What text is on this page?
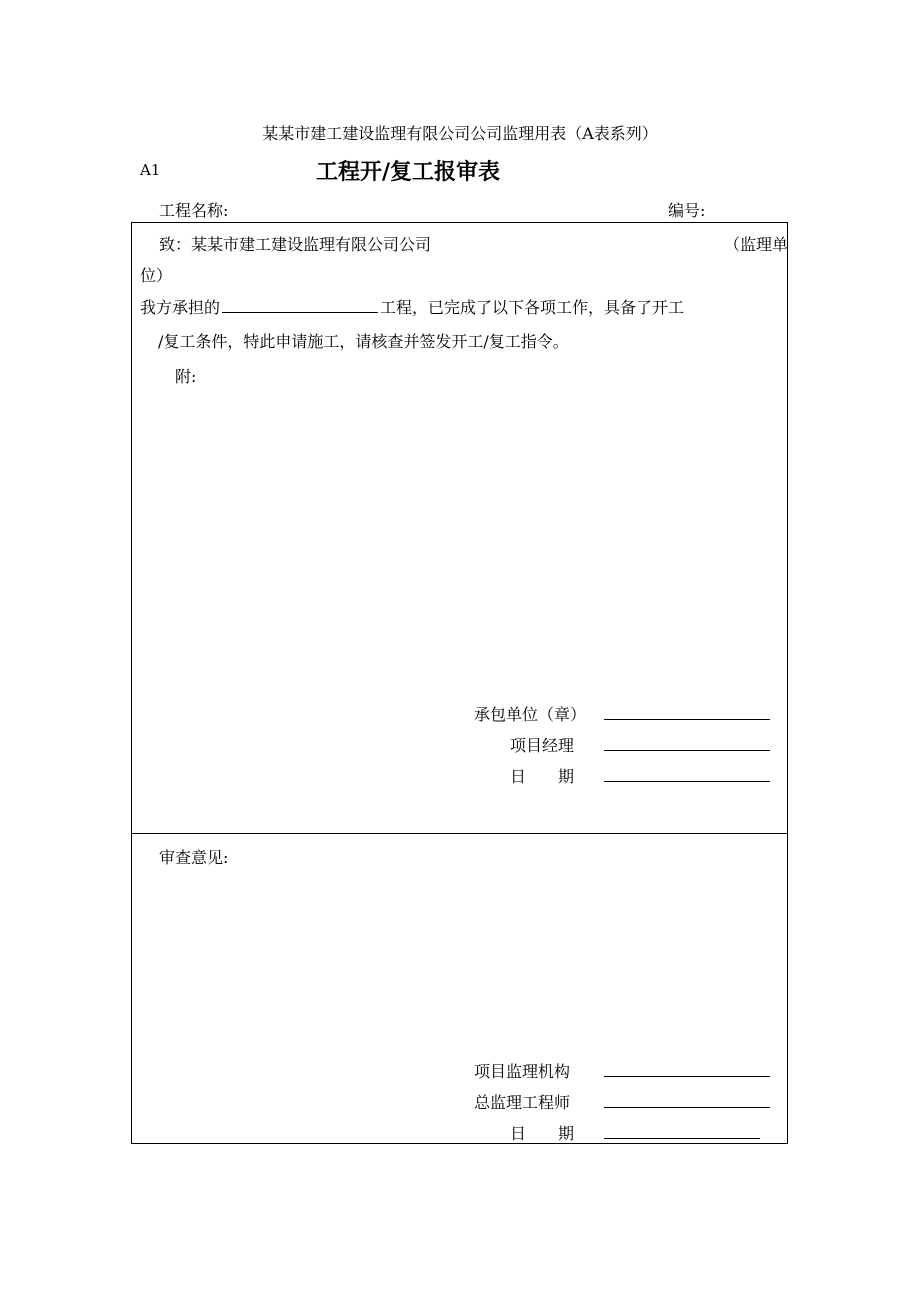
某某市建工建设监理有限公司公司监理用表（A表系列）
A1	工程开/复工报审表
工程名称:	编号:
致：某某市建工建设监理有限公司公司	（监理单
位）
我方承担的	工程，已完成了以下各项工作，具备了开工
/复工条件，特此申请施工，请核查并签发开工/复工指令。
附:
承包单位（章）
项目经理
日　　期
审查意见:
项目监理机构
总监理工程师
日　　期
